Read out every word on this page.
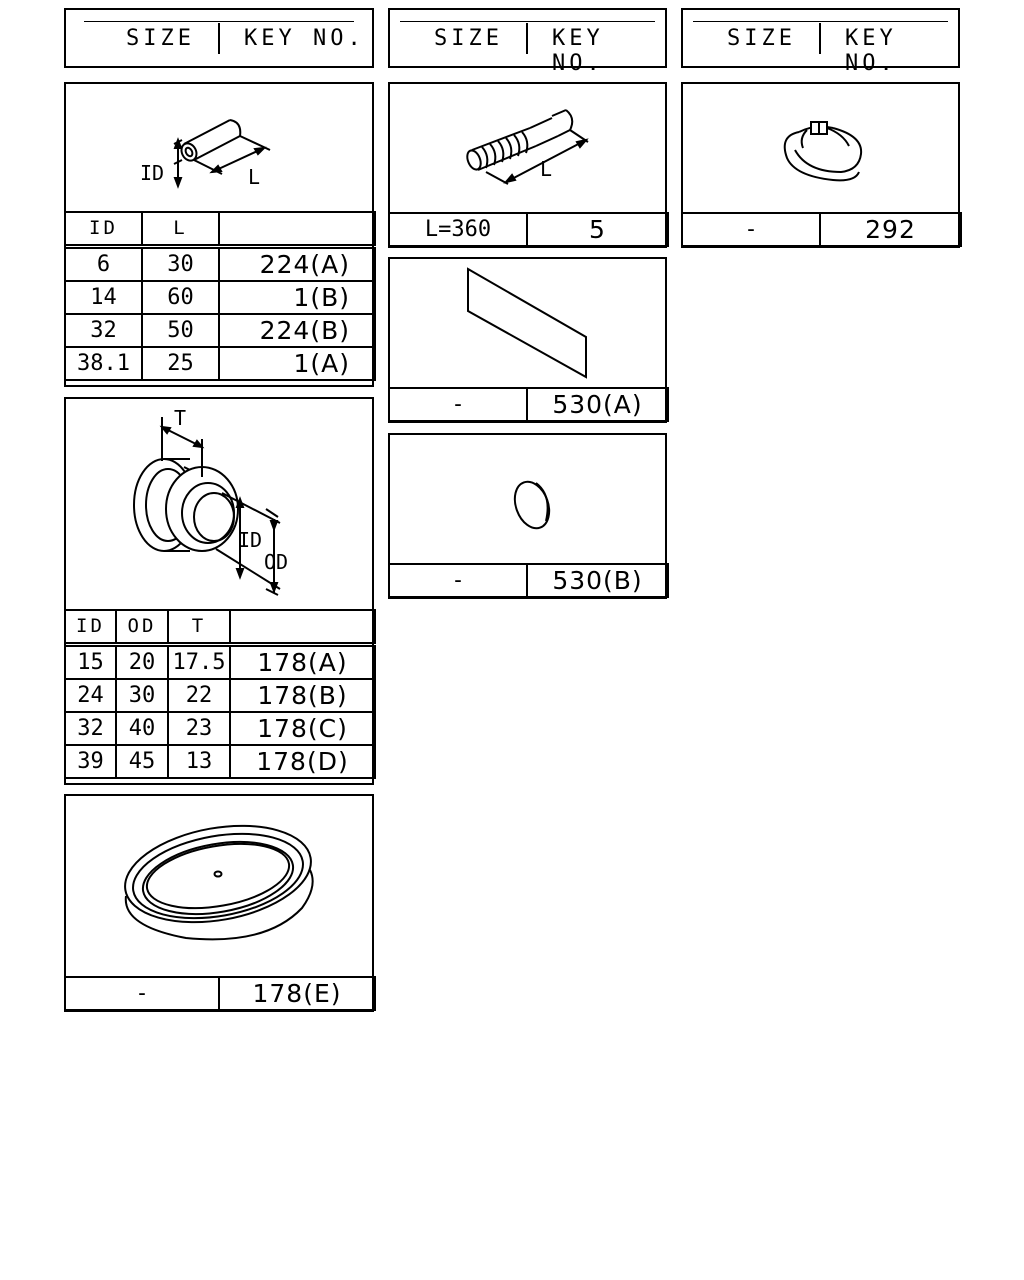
SIZE KEY NO.	SIZE KEY NO.
SIZE KEY NO.
ID	L
ID	L	
6	30	224(A)
14	60	1(B)
32	50	224(B)
38.1	25	1(A)
T
ID
OD
ID	OD	T	
15	20	17.5	178(A)
24	30	22	178(B)
32	40	23	178(C)
39	45	13	178(D)
-	178(E)
L
L=360	5
-	530(A)
-	530(B)
-	292
